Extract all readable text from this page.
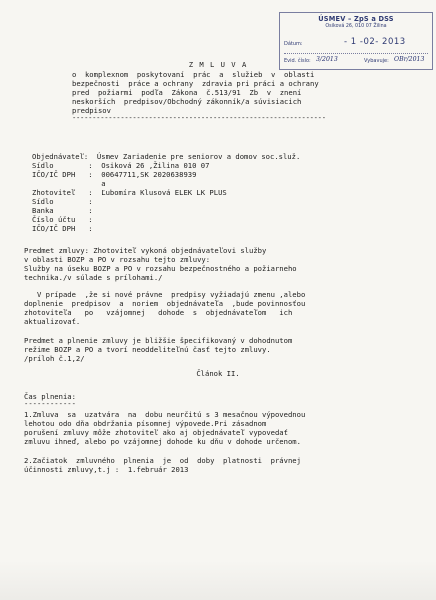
ÚSMEV – ZpS a DSS
Osiková 26, 010 07 Žilina
Dátum:	- 1 -02- 2013
Evid. číslo: 3/2013	Vybavuje: OBr/2013
Z M L U V A
o  komplexnom  poskytovaní  prác  a  služieb  v  oblasti
bezpečnosti  práce a ochrany  zdravia pri práci a ochrany
pred  požiarmi  podľa  Zákona  č.513/91  Zb  v  znení
neskorších  predpisov/Obchodný zákonník/a súvisiacich
predpisov
---------------------------------------------------------------
Objednávateľ:  Úsmev Zariadenie pre seniorov a domov soc.služ.
Sídlo        :  Osiková 26 ,Žilina 010 07
IČO/IČ DPH   :  00647711,SK 2020638939
a
Zhotoviteľ   :  Ľubomíra Klusová ELEK LK PLUS
Sídlo        :
Banka        :
Číslo účtu   :
IČO/IČ DPH   :
Predmet zmluvy: Zhotoviteľ vykoná objednávateľovi služby
v oblasti BOZP a PO v rozsahu tejto zmluvy:
Služby na úseku BOZP a PO v rozsahu bezpečnostného a požiarneho
technika./v súlade s prílohami./
V prípade  ,že si nové právne  predpisy vyžiadajú zmenu ,alebo
doplnenie  predpisov  a  noriem  objednávateľa  ,bude povinnosťou
zhotoviteľa   po   vzájomnej   dohode  s  objednávateľom   ich
aktualizovať.
Predmet a plnenie zmluvy je bližšie špecifikovaný v dohodnutom
režime BOZP a PO a tvorí neoddeliteľnú časť tejto zmluvy.
/príloh č.1,2/
Článok II.
Čas plnenia:
------------
1.Zmluva  sa  uzatvára  na  dobu neurčitú s 3 mesačnou výpovednou
lehotou odo dňa obdržania písomnej výpovede.Pri zásadnom
porušení zmluvy môže zhotoviteľ ako aj objednávateľ vypovedať
zmluvu ihneď, alebo po vzájomnej dohode ku dňu v dohode určenom.
2.Začiatok  zmluvného  plnenia  je  od  doby  platnosti  právnej
účinnosti zmluvy,t.j :  1.február 2013
